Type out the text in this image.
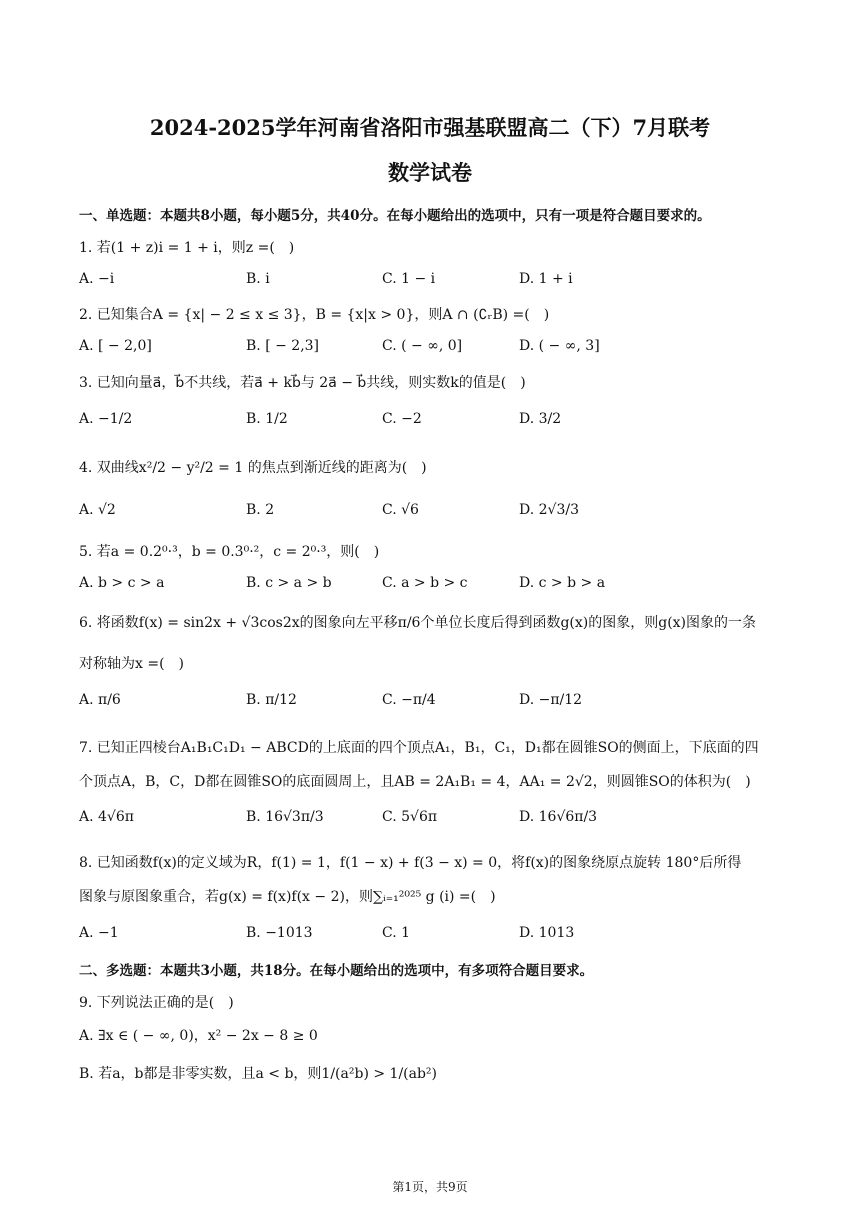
2024-2025学年河南省洛阳市强基联盟高二（下）7月联考
数学试卷
一、单选题：本题共8小题，每小题5分，共40分。在每小题给出的选项中，只有一项是符合题目要求的。
1. 若(1 + z)i = 1 + i，则z =(　)
A. −i	B. i	C. 1 − i	D. 1 + i
2. 已知集合A = {x| − 2 ≤ x ≤ 3}，B = {x|x > 0}，则A ∩ (∁ᵣB) =(　)
A. [ − 2,0]	B. [ − 2,3]	C. ( − ∞, 0]	D. ( − ∞, 3]
3. 已知向量a⃗，b⃗不共线，若a⃗ + kb⃗与 2a⃗ − b⃗共线，则实数k的值是(　)
A. −1/2	B. 1/2	C. −2	D. 3/2
4. 双曲线x²/2 − y²/2 = 1 的焦点到渐近线的距离为(　)
A. √2	B. 2	C. √6	D. 2√3/3
5. 若a = 0.2⁰·³，b = 0.3⁰·²，c = 2⁰·³，则(　)
A. b > c > a	B. c > a > b	C. a > b > c	D. c > b > a
6. 将函数f(x) = sin2x + √3cos2x的图象向左平移π/6个单位长度后得到函数g(x)的图象，则g(x)图象的一条
对称轴为x =(　)
A. π/6	B. π/12	C. −π/4	D. −π/12
7. 已知正四棱台A₁B₁C₁D₁ − ABCD的上底面的四个顶点A₁，B₁，C₁，D₁都在圆锥SO的侧面上，下底面的四
个顶点A，B，C，D都在圆锥SO的底面圆周上，且AB = 2A₁B₁ = 4，AA₁ = 2√2，则圆锥SO的体积为(　)
A. 4√6π	B. 16√3π/3	C. 5√6π	D. 16√6π/3
8. 已知函数f(x)的定义域为R，f(1) = 1，f(1 − x) + f(3 − x) = 0，将f(x)的图象绕原点旋转 180°后所得
图象与原图象重合，若g(x) = f(x)f(x − 2)，则∑ᵢ₌₁²⁰²⁵ g (i) =(　)
A. −1	B. −1013	C. 1	D. 1013
二、多选题：本题共3小题，共18分。在每小题给出的选项中，有多项符合题目要求。
9. 下列说法正确的是(　)
A. ∃x ∈ ( − ∞, 0)，x² − 2x − 8 ≥ 0
B. 若a，b都是非零实数，且a < b，则1/(a²b) > 1/(ab²)
第1页，共9页
